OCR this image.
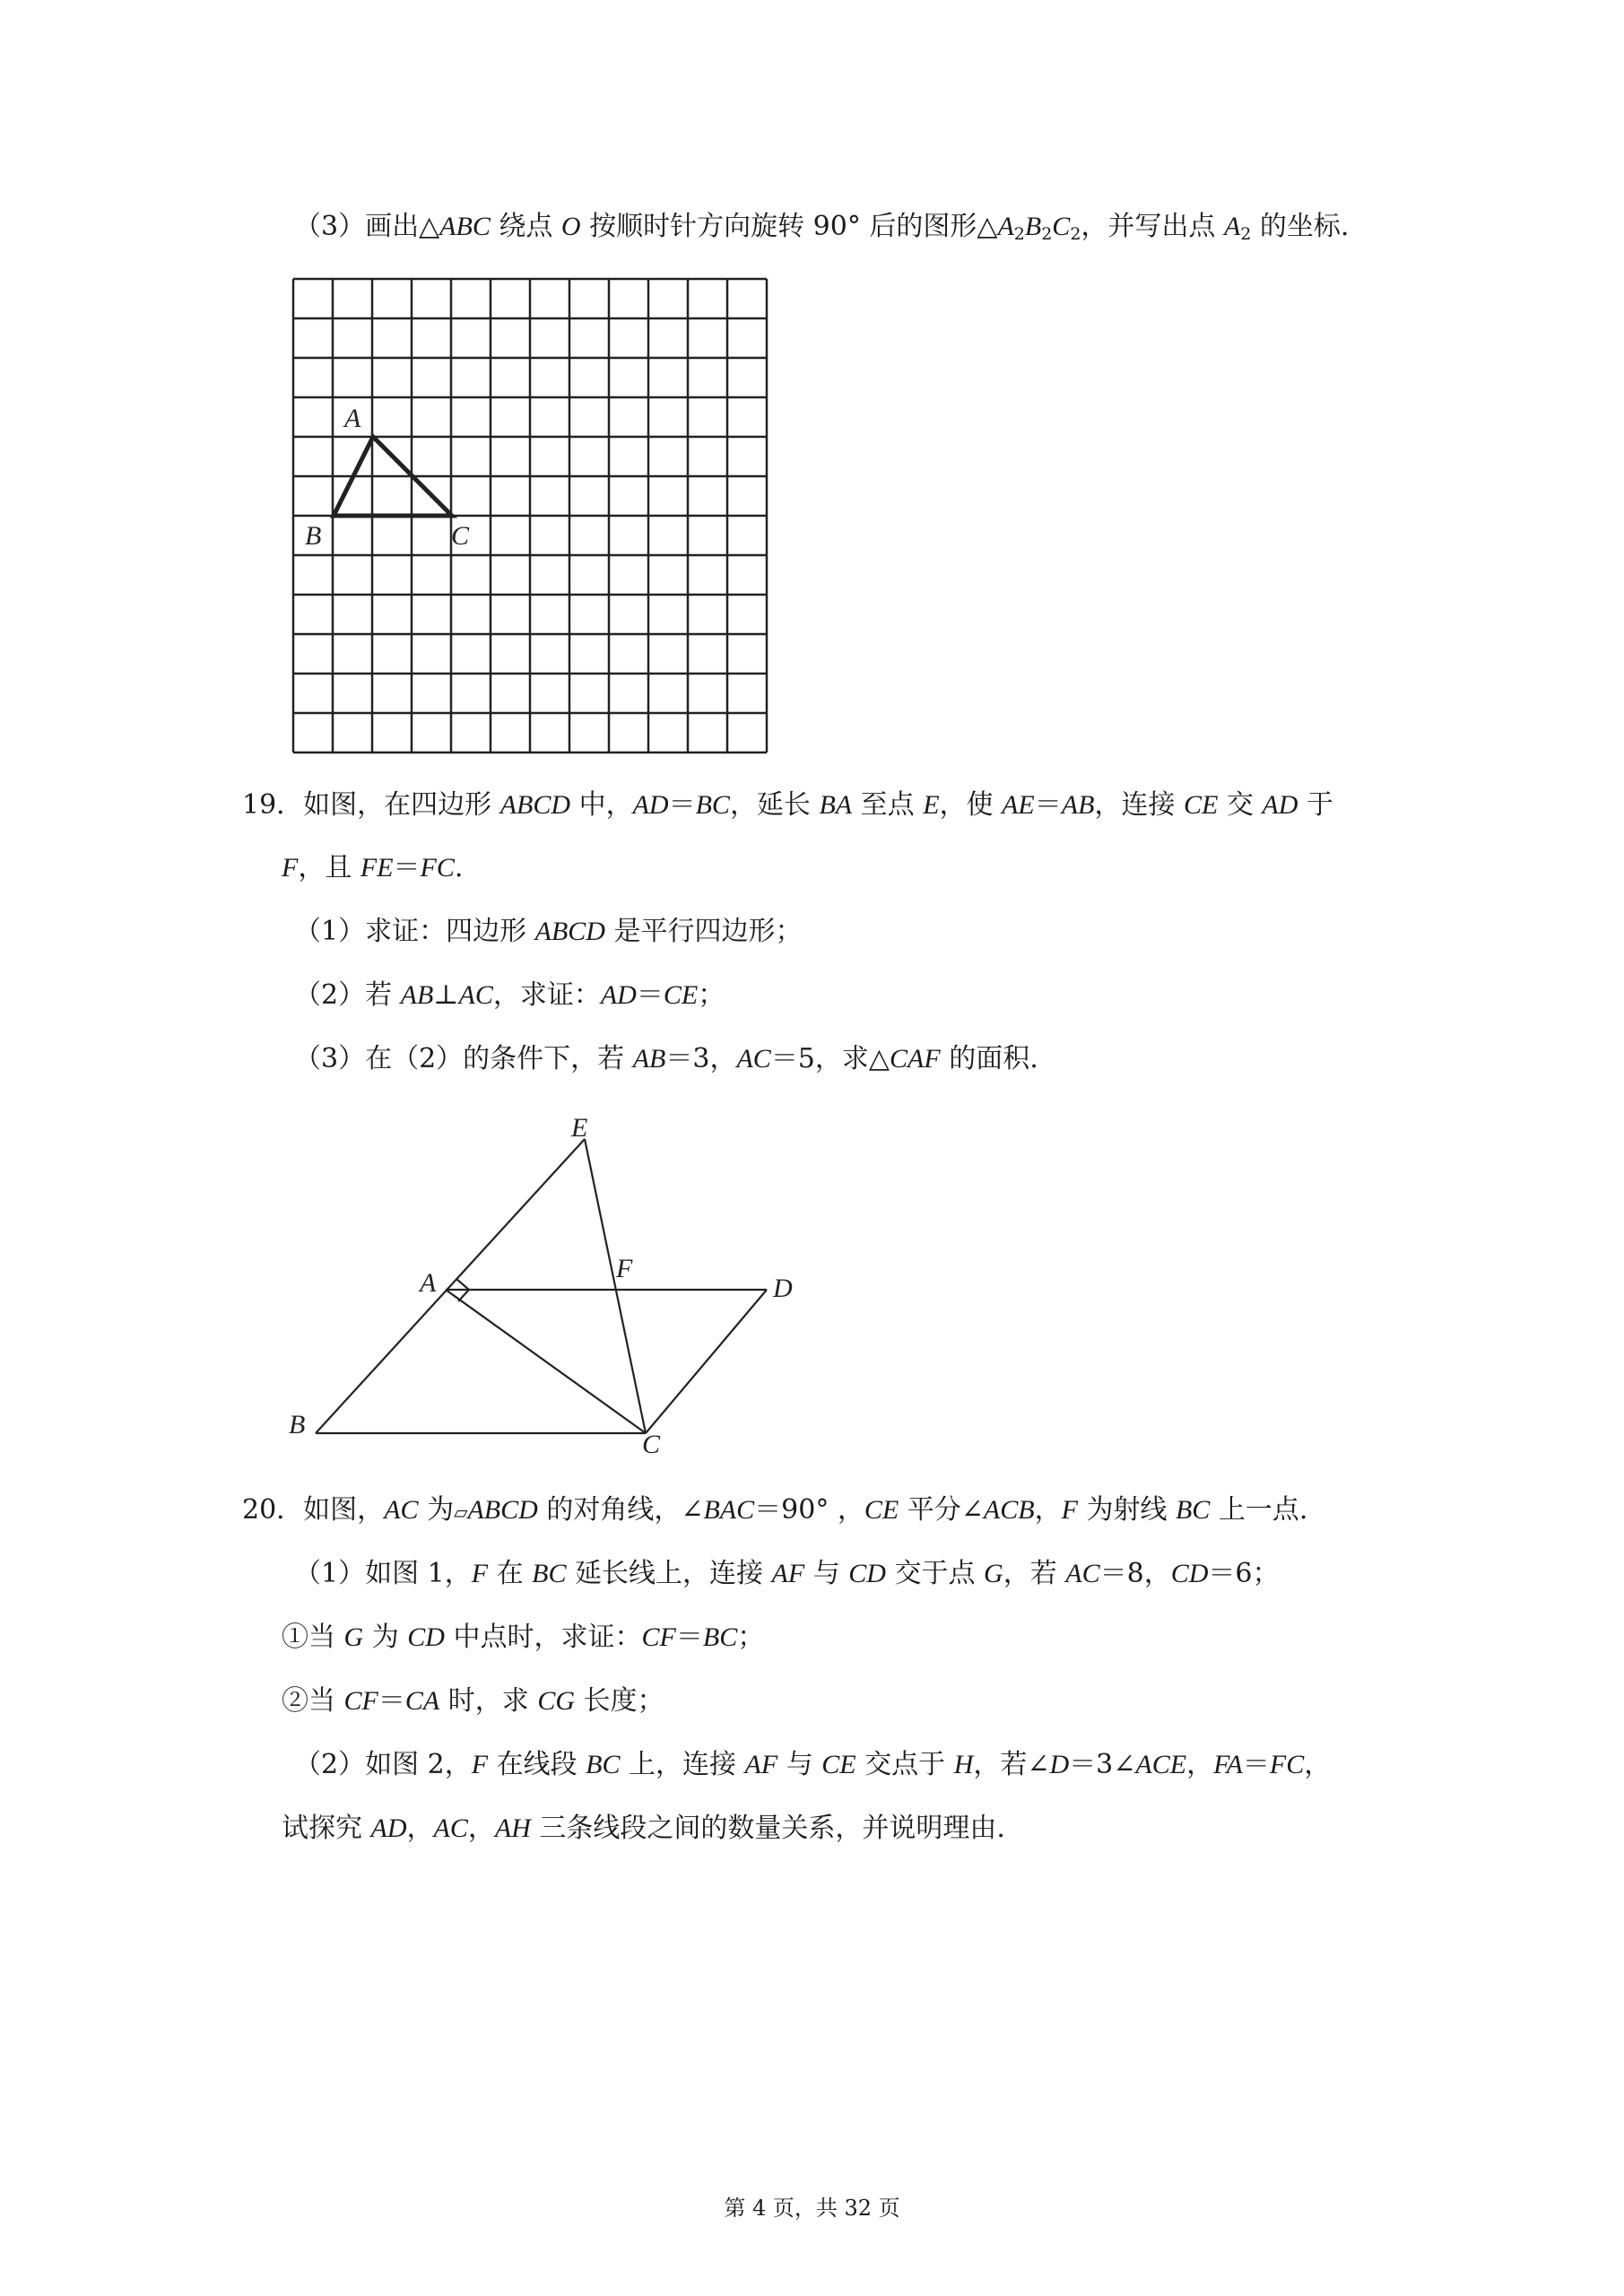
（3）画出△ABC 绕点 O 按顺时针方向旋转 90° 后的图形$\triangle A_2B_2C_2$，并写出点 $A_2$ 的坐标.
A
B	C
E
A	F
D
B
C
19．如图，在四边形 ABCD 中，AD＝BC，延长 BA 至点 E，使 AE＝AB，连接 CE 交 AD 于
F，且 FE＝FC.
（1）求证：四边形 ABCD 是平行四边形；
（2）若 AB⊥AC，求证：AD＝CE；
（3）在（2）的条件下，若 AB＝3，AC＝5，求△CAF 的面积.
20．如图，AC 为▱ABCD 的对角线，∠BAC＝90° ，CE 平分∠ACB，F 为射线 BC 上一点.
（1）如图 1，F 在 BC 延长线上，连接 AF 与 CD 交于点 G，若 AC＝8，CD＝6；
①当 G 为 CD 中点时，求证：CF＝BC；
②当 CF＝CA 时，求 CG 长度；
（2）如图 2，F 在线段 BC 上，连接 AF 与 CE 交点于 H，若∠D＝3∠ACE，FA＝FC，
试探究 AD，AC，AH 三条线段之间的数量关系，并说明理由.
第 4 页，共 32 页
